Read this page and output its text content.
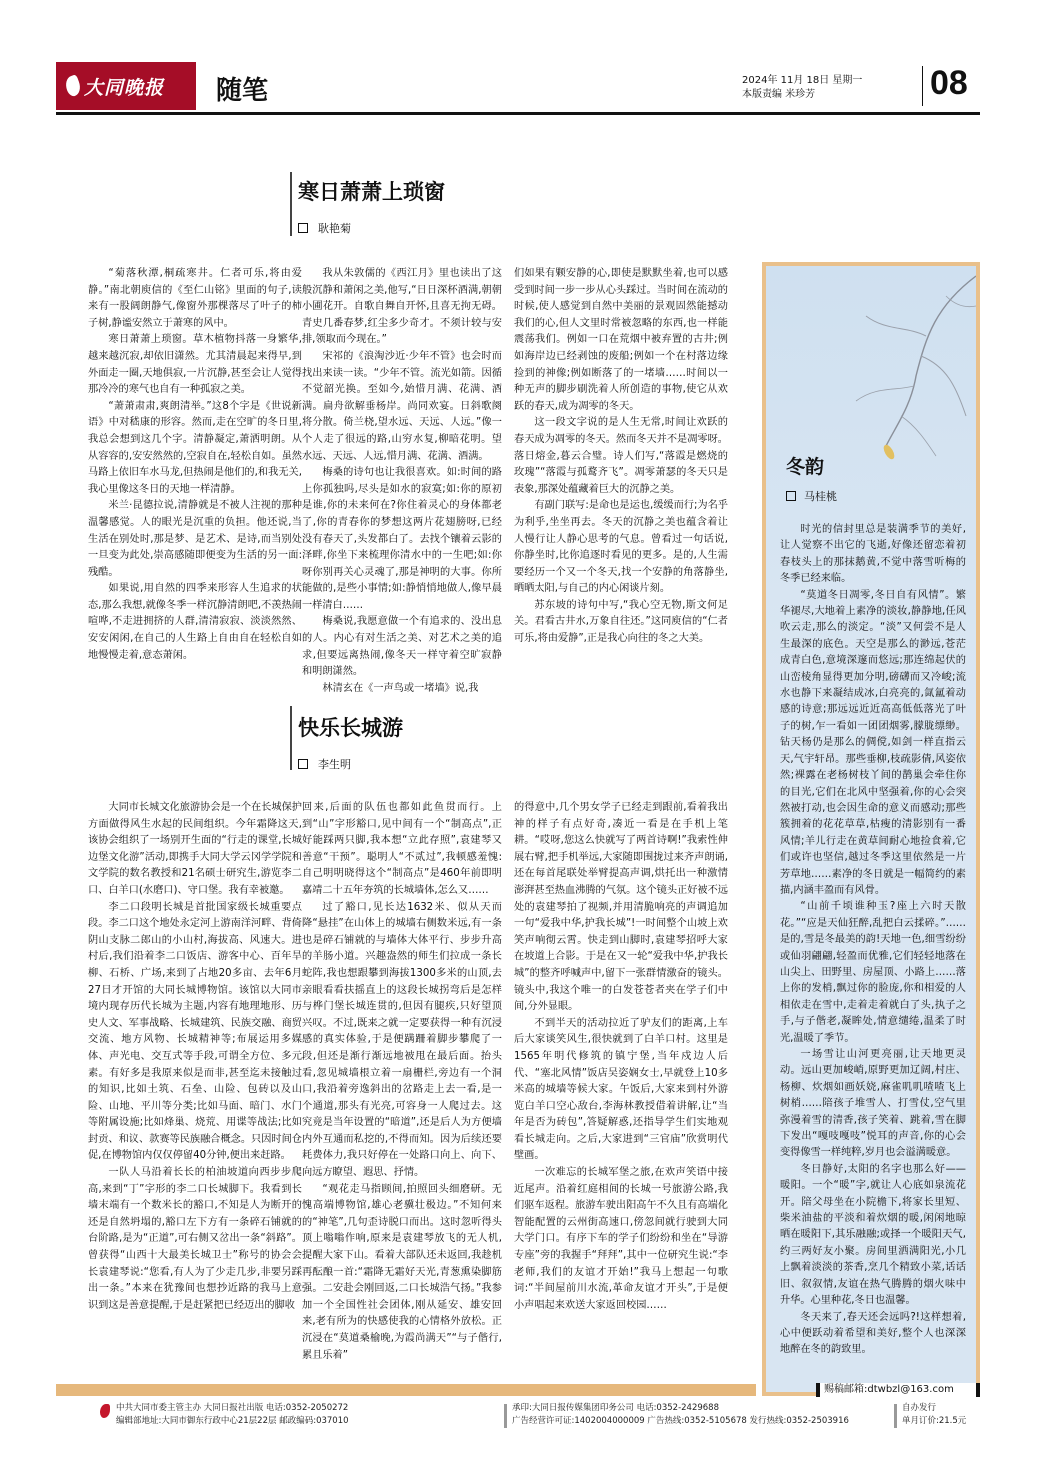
大同晚报 随笔	2024年 11月 18日 星期一
本版责编 米珍芳	08
寒日萧萧上琐窗
耿艳菊

“菊落秋潭,桐疏寒井。仁者可乐,将由爱静。”南北朝庾信的《至仁山铭》里面的句子,读来有一股阔朗静气,像窗外那棵落尽了叶子的柿子树,静谧安然立于萧寒的风中。

寒日萧萧上琐窗。草木植物抖落一身繁华,越来越沉寂,却依旧潇然。尤其清晨起来得早,到外面走一圈,天地俱寂,一片沉静,甚至会让人觉得那冷冷的寒气也自有一种孤寂之美。

“萧萧肃肃,爽朗清举。”这8个字是《世说新语》中对嵇康的形容。然而,走在空旷的冬日里,我总会想到这几个字。清静凝定,萧洒明朗。从从容容的,安安然然的,空寂自在,轻松自如。虽然马路上依旧车水马龙,但热闹是他们的,和我无关,我心里像这冬日的天地一样清静。

米兰·昆德拉说,清静就是不被人注视的那种温馨感觉。人的眼光是沉重的负担。他还说,当生活在别处时,那是梦、是艺术、是诗,而当别处一旦变为此处,崇高感随即便变为生活的另一面:残酷。

如果说,用自然的四季来形容人生追求的状态,那么我想,就像冬季一样沉静清朗吧,不羡热闹喧哗,不走进拥挤的人群,清清寂寂、淡淡然然、安安闲闲,在自己的人生路上自由自在轻松自如地慢慢走着,意态萧闲。

我从朱敦儒的《西江月》里也读出了这般沉静和萧闲之美,他写,“日日深杯酒满,朝朝小圃花开。自歌自舞自开怀,且喜无拘无碍。青史几番春梦,红尘多少奇才。不须计较与安排,领取而今现在。”

宋祁的《浪淘沙近·少年不管》也会时而找出来读一读。“少年不管。流光如箭。因循不觉韶光换。至如今,始惜月满、花满、酒满。扁舟欲解垂杨岸。尚同欢宴。日斜歌阕将分散。倚兰桡,望水远、天远、人远。”像一个人走了很远的路,山穷水复,柳暗花明。望水远、天远、人远,惜月满、花满、酒满。

梅桑的诗句也让我很喜欢。如:时间的路上你孤独吗,尽头是如水的寂寞;如:你的原初是谁,你的未来何在?你住着灵心的身体都老了,你的青春你的梦想这两片花翅膀呀,已经没有春天了,头发都白了。去找个镶着云影的泽畔,你坐下来梳理你清水中的一生吧;如:你呀你别再关心灵魂了,那是神明的大事。你所能做的,是些小事情;如:静悄悄地做人,像早晨一样清白……

梅桑说,我愿意做一个有追求的、没出息的人。内心有对生活之美、对艺术之美的追求,但要远离热闹,像冬天一样守着空旷寂静和明朗潇然。

林清玄在《一声鸟或一堵墙》说,我

们如果有颗安静的心,即使是默默坐着,也可以感受到时间一步一步从心头踩过。当时间在流动的时候,使人感觉到自然中美丽的景观固然能撼动我们的心,但人文里时常被忽略的东西,也一样能震荡我们。例如一口在荒烟中被弃置的古井;例如海岸边已经剥蚀的废船;例如一个在村落边缘捡到的神像;例如断落了的一堵墙……时间以一种无声的脚步刷洗着人所创造的事物,使它从欢跃的春天,成为凋零的冬天。

这一段文字说的是人生无常,时间让欢跃的春天成为凋零的冬天。然而冬天并不是凋零呀。落日熔金,暮云合璧。诗人们写,“落霞是燃烧的玫瑰”“落霞与孤鹜齐飞”。凋零萧瑟的冬天只是表象,那深处蕴藏着巨大的沉静之美。

有副门联写:是命也是运也,缓缓而行;为名乎为利乎,坐坐再去。冬天的沉静之美也蕴含着让人慢行让人静心思考的气息。曾看过一句话说,你静坐时,比你追逐时看见的更多。是的,人生需要经历一个又一个冬天,找一个安静的角落静坐,晒晒太阳,与自己的内心闲谈片刻。

苏东坡的诗句中写,“我心空无物,斯文何足关。君看古井水,万象自往还。”这同庾信的“仁者可乐,将由爱静”,正是我心向往的冬之大美。

快乐长城游
李生明

大同市长城文化旅游协会是一个在长城保护方面做得风生水起的民间组织。今年霜降这天,该协会组织了一场别开生面的“行走的课堂,长城边堡文化游”活动,即携手大同大学云冈学学院和文学院的数名教授和21名硕士研究生,游览李二口、白羊口(水磨口)、守口堡。我有幸被邀。

李二口段明长城是首批国家级长城重要点段。李二口这个地处永定河上游南洋河畔、背倚阴山支脉二郎山的小山村,海拔高、风速大。进村后,我们沿着李二口饭店、游客中心、百年旱柳、石桥、广场,来到了占地20多亩、去年6月27日才开馆的大同长城博物馆。该馆以大同市境内现存历代长城为主题,内容有地理地形、历史人文、军事战略、长城建筑、民族交融、商贸交流、地方风物、长城精神等;布展运用多媒体、声光电、交互式等手段,可谓全方位、多元素。有好多是我原来似是而非,甚至迄未接触过的知识,比如土筑、石垒、山险、包砖以及山险、山地、平川等分类;比如马面、暗门、水门等附属设施;比如烽巢、烧荒、用谍等战法;比如封贡、和议、款赛等民族融合概念。只因时间仓促,在博物馆内仅仅停留40分钟,便出来赶路。

一队人马沿着长长的柏油坡道向西步步爬高,来到“丁”字形的李二口长城脚下。我看到长墙末端有一个数米长的豁口,不知是人为断开的还是自然坍塌的,豁口左下方有一条碎石铺就的台阶路,是为“正道”,可右侧又岔出一条“斜路”。曾获得“山西十大最美长城卫士”称号的协会会长袁建琴说:“您看,有人为了少走几步,非要另踩出一条。”本来在犹豫间也想抄近路的我马上意识到这是善意提醒,于是赶紧把已经迈出的脚收

回来,后面的队伍也都如此鱼贯而行。上到“山”字形豁口,见中间有一个“制高点”,正好能踩两只脚,我本想“立此存照”,袁建琴又善意“干预”。聪明人“不贰过”,我顿感羞愧:自己明明晓得这个“制高点”是460年前即明嘉靖二十五年夯筑的长城墙体,怎么又……

过了豁口,见长达1632米、似从天而降“悬挂”在山体上的城墙右侧数米远,有一条也是碎石铺就的与墙体大体平行、步步升高的羊肠小道。兴趣盎然的师生们拉成一条长蛇阵,我也想跟攀到海拔1300多米的山顶,去亲眼看看扶摇直上的这段长城拐弯后是怎样与桦门堡长城连贯的,但因有腿疾,只好望顶兴叹。不过,既来之就一定要获得一种有沉浸感的真实体验,于是便蹒跚着脚步攀爬了一段,但还是渐行渐远地被甩在最后面。抬头看,忽见城墙根立着一扇栅栏,旁边有一个洞口,我沿着旁逸斜出的岔路走上去一看,是一个通道,那头有光亮,可容身一人爬过去。这究竟是当年设置的“暗道”,还是后人为方便墙内外互通而私挖的,不得而知。因为后续还要耗费体力,我只好停在一处路口向上、向下、向远方瞭望、遐思、抒情。

“观花走马指顾间,拍照回头细磨研。无愧高端博物馆,雄心老骥壮极边。”不知何来的“神笔”,几句歪诗脱口而出。这时忽听得头顶上嗡嗡作响,原来是袁建琴放飞的无人机,提醒大家下山。看着大部队还未返回,我趁机再酝酿一首:“霜降无霜好天光,青葱熏染脚筋强。二安赴会刚回返,二口长城浩气扬。”我参加一个全国性社会团体,刚从延安、雄安回来,老有所为的快感使我的心情格外放松。正沉浸在“莫道桑榆晚,为霞尚满天”“与子偕行,累且乐着”

的得意中,几个男女学子已经走到跟前,看着我出神的样子有点好奇,凑近一看是在手机上笔耕。“哎呀,您这么快就写了两首诗啊!”我索性伸展右臂,把手机举远,大家随即围拢过来齐声朗诵,还在每首尾联处举臂提高声调,烘托出一种激情澎湃甚至热血沸腾的气氛。这个镜头正好被不远处的袁建琴拍了视频,并用清脆响亮的声调追加一句“爱我中华,护我长城”!一时间整个山坡上欢笑声响彻云霄。快走到山脚时,袁建琴招呼大家在坡道上合影。于是在又一轮“爱我中华,护我长城”的整齐呼喊声中,留下一张群情激奋的镜头。镜头中,我这个唯一的白发苍苍者夹在学子们中间,分外显眼。

不到半天的活动拉近了驴友们的距离,上车后大家谈笑风生,很快就到了白羊口村。这里是1565年明代修筑的镇宁堡,当年戍边人后代、“塞北风情”饭店吴姿娴女士,早就登上10多米高的城墙等候大家。午饭后,大家来到村外游览白羊口空心敌台,李海林教授借着讲解,让“当年是否为砖包”,答疑解惑,还指导学生们实地观看长城走向。之后,大家进到“三官庙”欣赏明代壁画。

一次难忘的长城军堡之旅,在欢声笑语中接近尾声。沿着红庭相间的长城一号旅游公路,我们驱车返程。旅游车驶出阳高午不久且有高端化智能配置的云州街高速口,傍忽间就行驶到大同大学门口。有序下车的学子们纷纷和坐在“导游专座”旁的我握手“拜拜”,其中一位研究生说:“李老师,我们的友谊才开始!”我马上想起一句歌词:“半间屋前川水流,革命友谊才开头”,于是便小声唱起来欢送大家返回校园……

冬韵
马桂桃

时光的信封里总是装满季节的美好,让人觉察不出它的飞逝,好像还留恋着初春枝头上的那抹鹅黄,不觉中落雪听梅的冬季已经来临。

“莫道冬日凋零,冬日自有风情”。繁华褪尽,大地着上素净的淡妆,静静地,任风吹云走,那么的淡定。“淡”又何尝不是人生最深的底色。天空是那么的渺远,苍茫成青白色,意境深邃而悠远;那连绵起伏的山峦棱角显得更加分明,磅礴而又冷峻;流水也静下来凝结成冰,白亮亮的,氤氲着动感的诗意;那远远近近高高低低落光了叶子的树,乍一看如一团团烟雾,朦胧缥缈。钻天杨仍是那么的倜傥,如剑一样直指云天,气宇轩昂。那些垂柳,枝疏影倩,风姿依然;裸露在老杨树枝丫间的鹊巢会牵住你的目光,它们在北风中坚强着,你的心会突然被打动,也会因生命的意义而感动;那些簇拥着的花花草草,枯瘦的清影别有一番风情;羊儿行走在黄草间耐心地捡食着,它们或许也坚信,越过冬季这里依然是一片芳草地……素净的冬日就是一幅简约的素描,内涵丰盈而有风骨。

“山前千顷谁种玉?座上六时天散花。”“应是天仙狂醉,乱把白云揉碎。”……是的,雪是冬最美的韵!天地一色,细雪纷纷或仙羽翩翩,轻盈而优雅,它们轻轻地落在山尖上、田野里、房屋顶、小路上……落上你的发梢,飘过你的脸庞,你和相爱的人相依走在雪中,走着走着就白了头,执子之手,与子偕老,凝眸处,情意缱绻,温柔了时光,温暖了季节。

一场雪让山河更亮丽,让天地更灵动。远山更加峻峭,原野更加辽阔,村庄、杨柳、炊烟如画妖娆,麻雀叽叽喳喳飞上树梢……陪孩子堆雪人、打雪仗,空气里弥漫着雪的清香,孩子笑着、跳着,雪在脚下发出“嘎吱嘎吱”悦耳的声音,你的心会变得像雪一样纯粹,岁月也会溢满暖意。

冬日静好,太阳的名字也那么好——暖阳。一个“暖”字,就让人心底如泉流花开。陪父母坐在小院檐下,将家长里短、柴米油盐的平淡和着炊烟的暖,闲闲地晾晒在暖阳下,其乐融融;或择一个暖阳天气,约三两好友小聚。房间里洒满阳光,小几上飘着淡淡的茶香,烹几个精致小菜,话话旧、叙叙情,友谊在热气腾腾的烟火味中升华。心里种花,冬日也温馨。

冬天来了,春天还会远吗?!这样想着,心中便跃动着希望和美好,整个人也深深地醉在冬的韵致里。

赐稿邮箱:dtwbzl@163.com
中共大同市委主管主办 大同日报社出版 电话:0352-2050272
编辑部地址:大同市御东行政中心21层22层 邮政编码:037010
承印:大同日报传媒集团印务公司 电话:0352-2429688
广告经营许可证:1402004000009 广告热线:0352-5105678 发行热线:0352-2503916
自办发行
单月订价:21.5元
